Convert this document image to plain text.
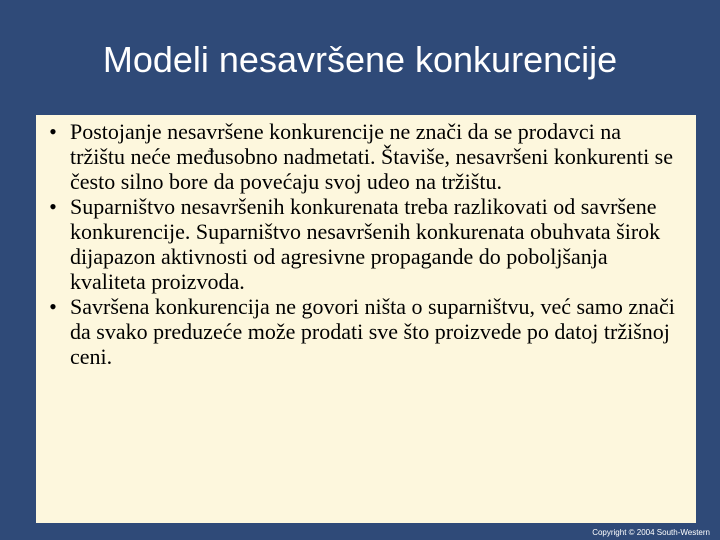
Modeli nesavršene konkurencije
• Postojanje nesavršene konkurencije ne znači da se prodavci na tržištu neće međusobno nadmetati. Štaviše, nesavršeni konkurenti se često silno bore da povećaju svoj udeo na tržištu.
• Suparništvo nesavršenih konkurenata treba razlikovati od savršene konkurencije. Suparništvo nesavršenih konkurenata obuhvata širok dijapazon aktivnosti od agresivne propagande do poboljšanja kvaliteta proizvoda.
• Savršena konkurencija ne govori ništa o suparništvu, već samo znači da svako preduzeće može prodati sve što proizvede po datoj tržišnoj ceni.
Copyright © 2004 South-Western
